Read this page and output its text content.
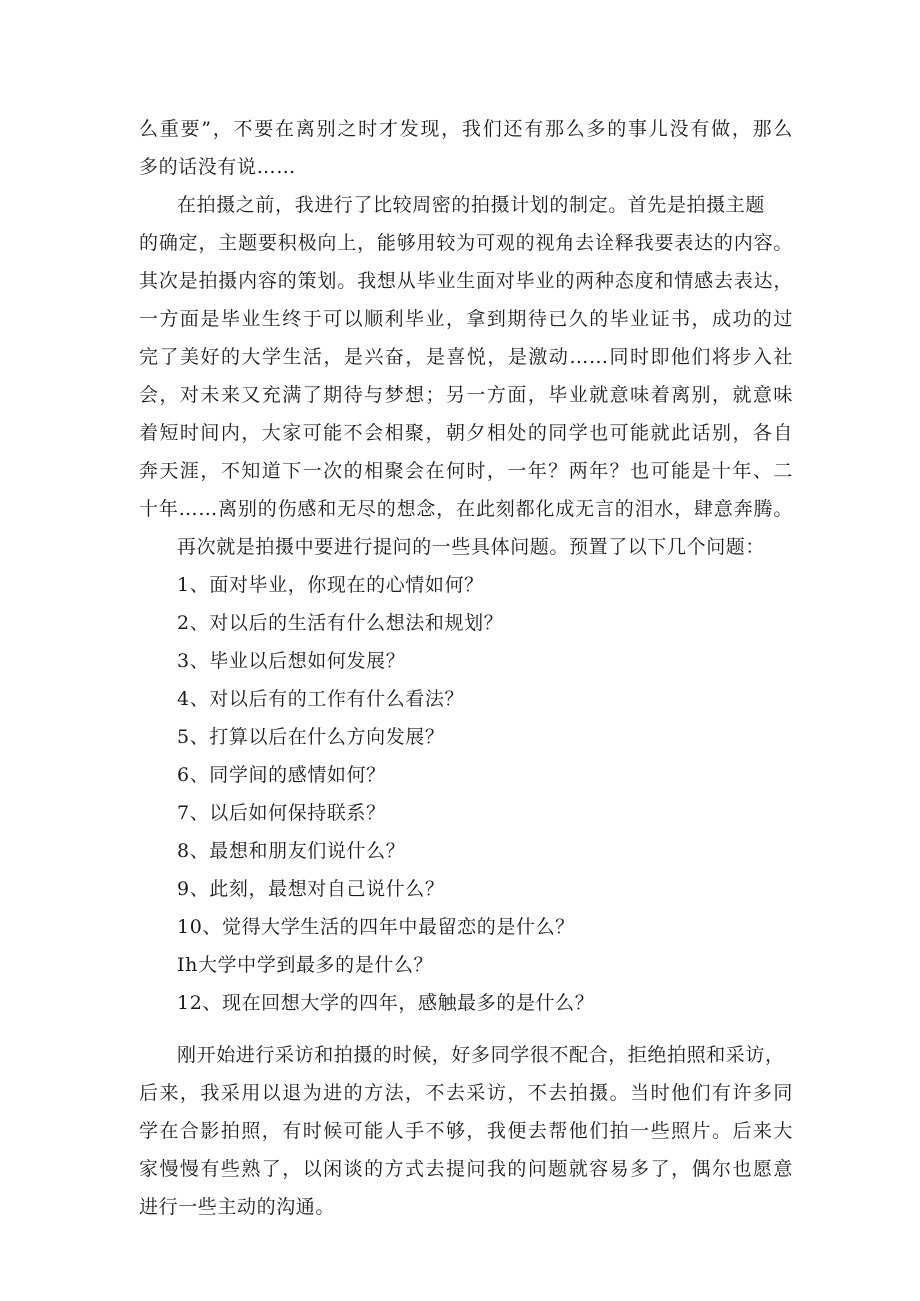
么重要”，不要在离别之时才发现，我们还有那么多的事儿没有做，那么
多的话没有说……
在拍摄之前，我进行了比较周密的拍摄计划的制定。首先是拍摄主题
的确定，主题要积极向上，能够用较为可观的视角去诠释我要表达的内容。
其次是拍摄内容的策划。我想从毕业生面对毕业的两种态度和情感去表达，
一方面是毕业生终于可以顺利毕业，拿到期待已久的毕业证书，成功的过
完了美好的大学生活，是兴奋，是喜悦，是激动……同时即他们将步入社
会，对未来又充满了期待与梦想；另一方面，毕业就意味着离别，就意味
着短时间内，大家可能不会相聚，朝夕相处的同学也可能就此话别，各自
奔天涯，不知道下一次的相聚会在何时，一年？两年？也可能是十年、二
十年……离别的伤感和无尽的想念，在此刻都化成无言的泪水，肆意奔腾。
再次就是拍摄中要进行提问的一些具体问题。预置了以下几个问题：
1、面对毕业，你现在的心情如何？
2、对以后的生活有什么想法和规划？
3、毕业以后想如何发展？
4、对以后有的工作有什么看法？
5、打算以后在什么方向发展？
6、同学间的感情如何？
7、以后如何保持联系？
8、最想和朋友们说什么？
9、此刻，最想对自己说什么？
10、觉得大学生活的四年中最留恋的是什么？
Ih大学中学到最多的是什么？
12、现在回想大学的四年，感触最多的是什么？
刚开始进行采访和拍摄的时候，好多同学很不配合，拒绝拍照和采访，
后来，我采用以退为进的方法，不去采访，不去拍摄。当时他们有许多同
学在合影拍照，有时候可能人手不够，我便去帮他们拍一些照片。后来大
家慢慢有些熟了，以闲谈的方式去提问我的问题就容易多了，偶尔也愿意
进行一些主动的沟通。
